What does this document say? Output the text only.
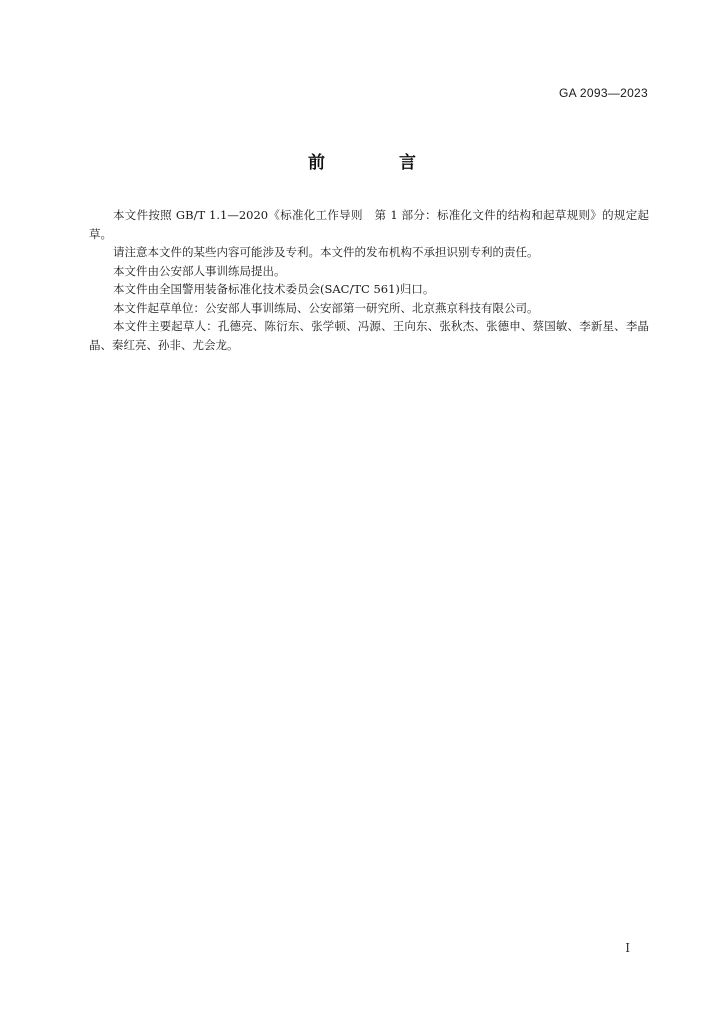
GA 2093—2023
前 言

本文件按照 GB/T 1.1—2020《标准化工作导则　第 1 部分：标准化文件的结构和起草规则》的规定起草。

请注意本文件的某些内容可能涉及专利。本文件的发布机构不承担识别专利的责任。

本文件由公安部人事训练局提出。

本文件由全国警用装备标准化技术委员会(SAC/TC 561)归口。

本文件起草单位：公安部人事训练局、公安部第一研究所、北京燕京科技有限公司。

本文件主要起草人：孔德亮、陈衍东、张学顿、冯源、王向东、张秋杰、张德申、蔡国敏、李新星、李晶晶、秦红亮、孙非、尤会龙。

I
